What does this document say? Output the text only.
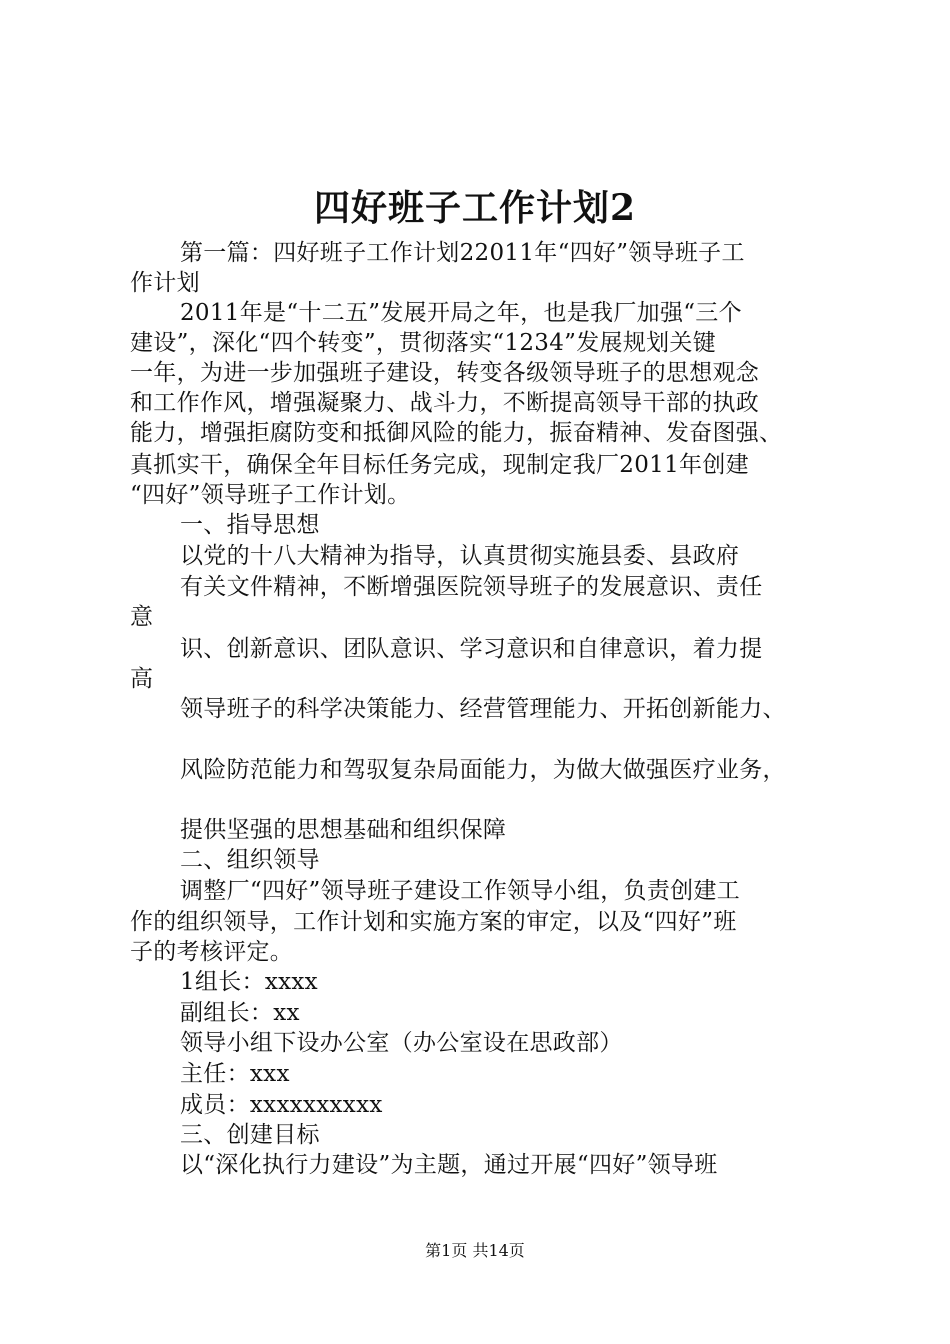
四好班子工作计划2
第一篇：四好班子工作计划22011年“四好”领导班子工
作计划
2011年是“十二五”发展开局之年，也是我厂加强“三个
建设”，深化“四个转变”，贯彻落实“1234”发展规划关键
一年，为进一步加强班子建设，转变各级领导班子的思想观念
和工作作风，增强凝聚力、战斗力，不断提高领导干部的执政
能力，增强拒腐防变和抵御风险的能力，振奋精神、发奋图强、
真抓实干，确保全年目标任务完成，现制定我厂2011年创建
“四好”领导班子工作计划。
一、指导思想
以党的十八大精神为指导，认真贯彻实施县委、县政府
有关文件精神，不断增强医院领导班子的发展意识、责任
意
识、创新意识、团队意识、学习意识和自律意识，着力提
高
领导班子的科学决策能力、经营管理能力、开拓创新能力、
风险防范能力和驾驭复杂局面能力，为做大做强医疗业务，
提供坚强的思想基础和组织保障
二、组织领导
调整厂“四好”领导班子建设工作领导小组，负责创建工
作的组织领导，工作计划和实施方案的审定，以及“四好”班
子的考核评定。
1组长：xxxx
副组长：xx
领导小组下设办公室（办公室设在思政部）
主任：xxx
成员：xxxxxxxxxx
三、创建目标
以“深化执行力建设”为主题，通过开展“四好”领导班
第1页 共14页
